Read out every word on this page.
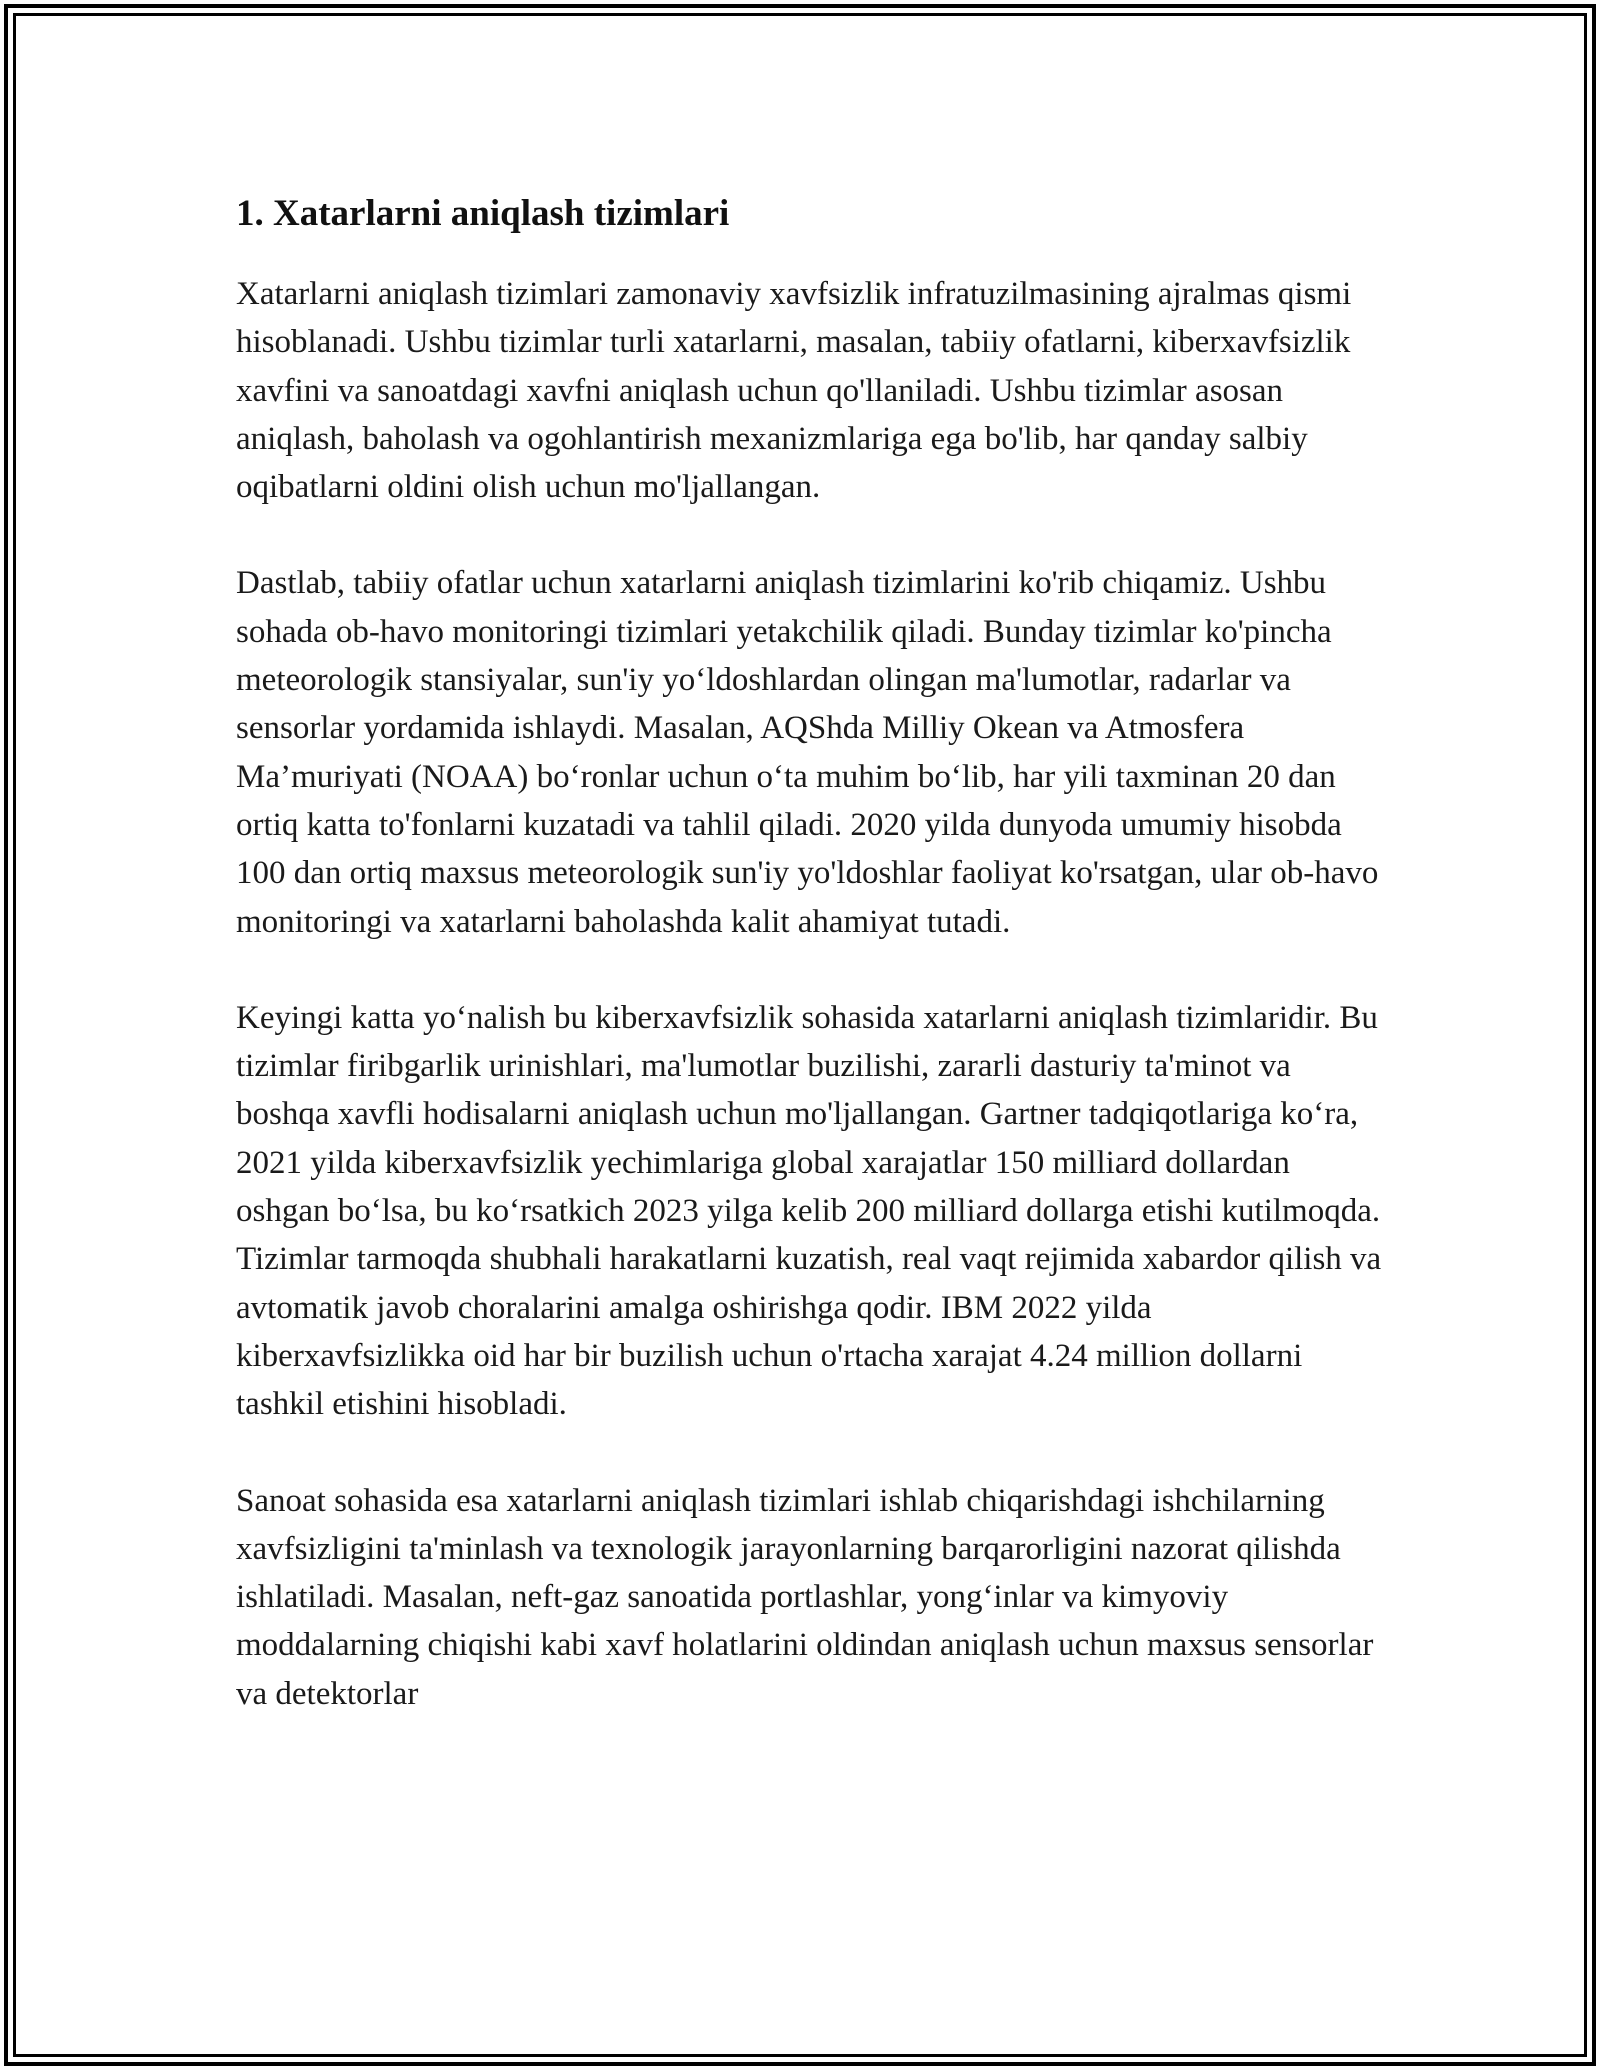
1. Xatarlarni aniqlash tizimlari

Xatarlarni aniqlash tizimlari zamonaviy xavfsizlik infratuzilmasining ajralmas qismi hisoblanadi. Ushbu tizimlar turli xatarlarni, masalan, tabiiy ofatlarni, kiberxavfsizlik xavfini va sanoatdagi xavfni aniqlash uchun qo'llaniladi. Ushbu tizimlar asosan aniqlash, baholash va ogohlantirish mexanizmlariga ega bo'lib, har qanday salbiy oqibatlarni oldini olish uchun mo'ljallangan.

Dastlab, tabiiy ofatlar uchun xatarlarni aniqlash tizimlarini ko'rib chiqamiz. Ushbu sohada ob-havo monitoringi tizimlari yetakchilik qiladi. Bunday tizimlar ko'pincha meteorologik stansiyalar, sun'iy yo‘ldoshlardan olingan ma'lumotlar, radarlar va sensorlar yordamida ishlaydi. Masalan, AQShda Milliy Okean va Atmosfera Ma’muriyati (NOAA) bo‘ronlar uchun o‘ta muhim bo‘lib, har yili taxminan 20 dan ortiq katta to'fonlarni kuzatadi va tahlil qiladi. 2020 yilda dunyoda umumiy hisobda 100 dan ortiq maxsus meteorologik sun'iy yo'ldoshlar faoliyat ko'rsatgan, ular ob-havo monitoringi va xatarlarni baholashda kalit ahamiyat tutadi.

Keyingi katta yo‘nalish bu kiberxavfsizlik sohasida xatarlarni aniqlash tizimlaridir. Bu tizimlar firibgarlik urinishlari, ma'lumotlar buzilishi, zararli dasturiy ta'minot va boshqa xavfli hodisalarni aniqlash uchun mo'ljallangan. Gartner tadqiqotlariga ko‘ra, 2021 yilda kiberxavfsizlik yechimlariga global xarajatlar 150 milliard dollardan oshgan bo‘lsa, bu ko‘rsatkich 2023 yilga kelib 200 milliard dollarga etishi kutilmoqda. Tizimlar tarmoqda shubhali harakatlarni kuzatish, real vaqt rejimida xabardor qilish va avtomatik javob choralarini amalga oshirishga qodir. IBM 2022 yilda kiberxavfsizlikka oid har bir buzilish uchun o'rtacha xarajat 4.24 million dollarni tashkil etishini hisobladi.

Sanoat sohasida esa xatarlarni aniqlash tizimlari ishlab chiqarishdagi ishchilarning xavfsizligini ta'minlash va texnologik jarayonlarning barqarorligini nazorat qilishda ishlatiladi. Masalan, neft-gaz sanoatida portlashlar, yong‘inlar va kimyoviy moddalarning chiqishi kabi xavf holatlarini oldindan aniqlash uchun maxsus sensorlar va detektorlar
